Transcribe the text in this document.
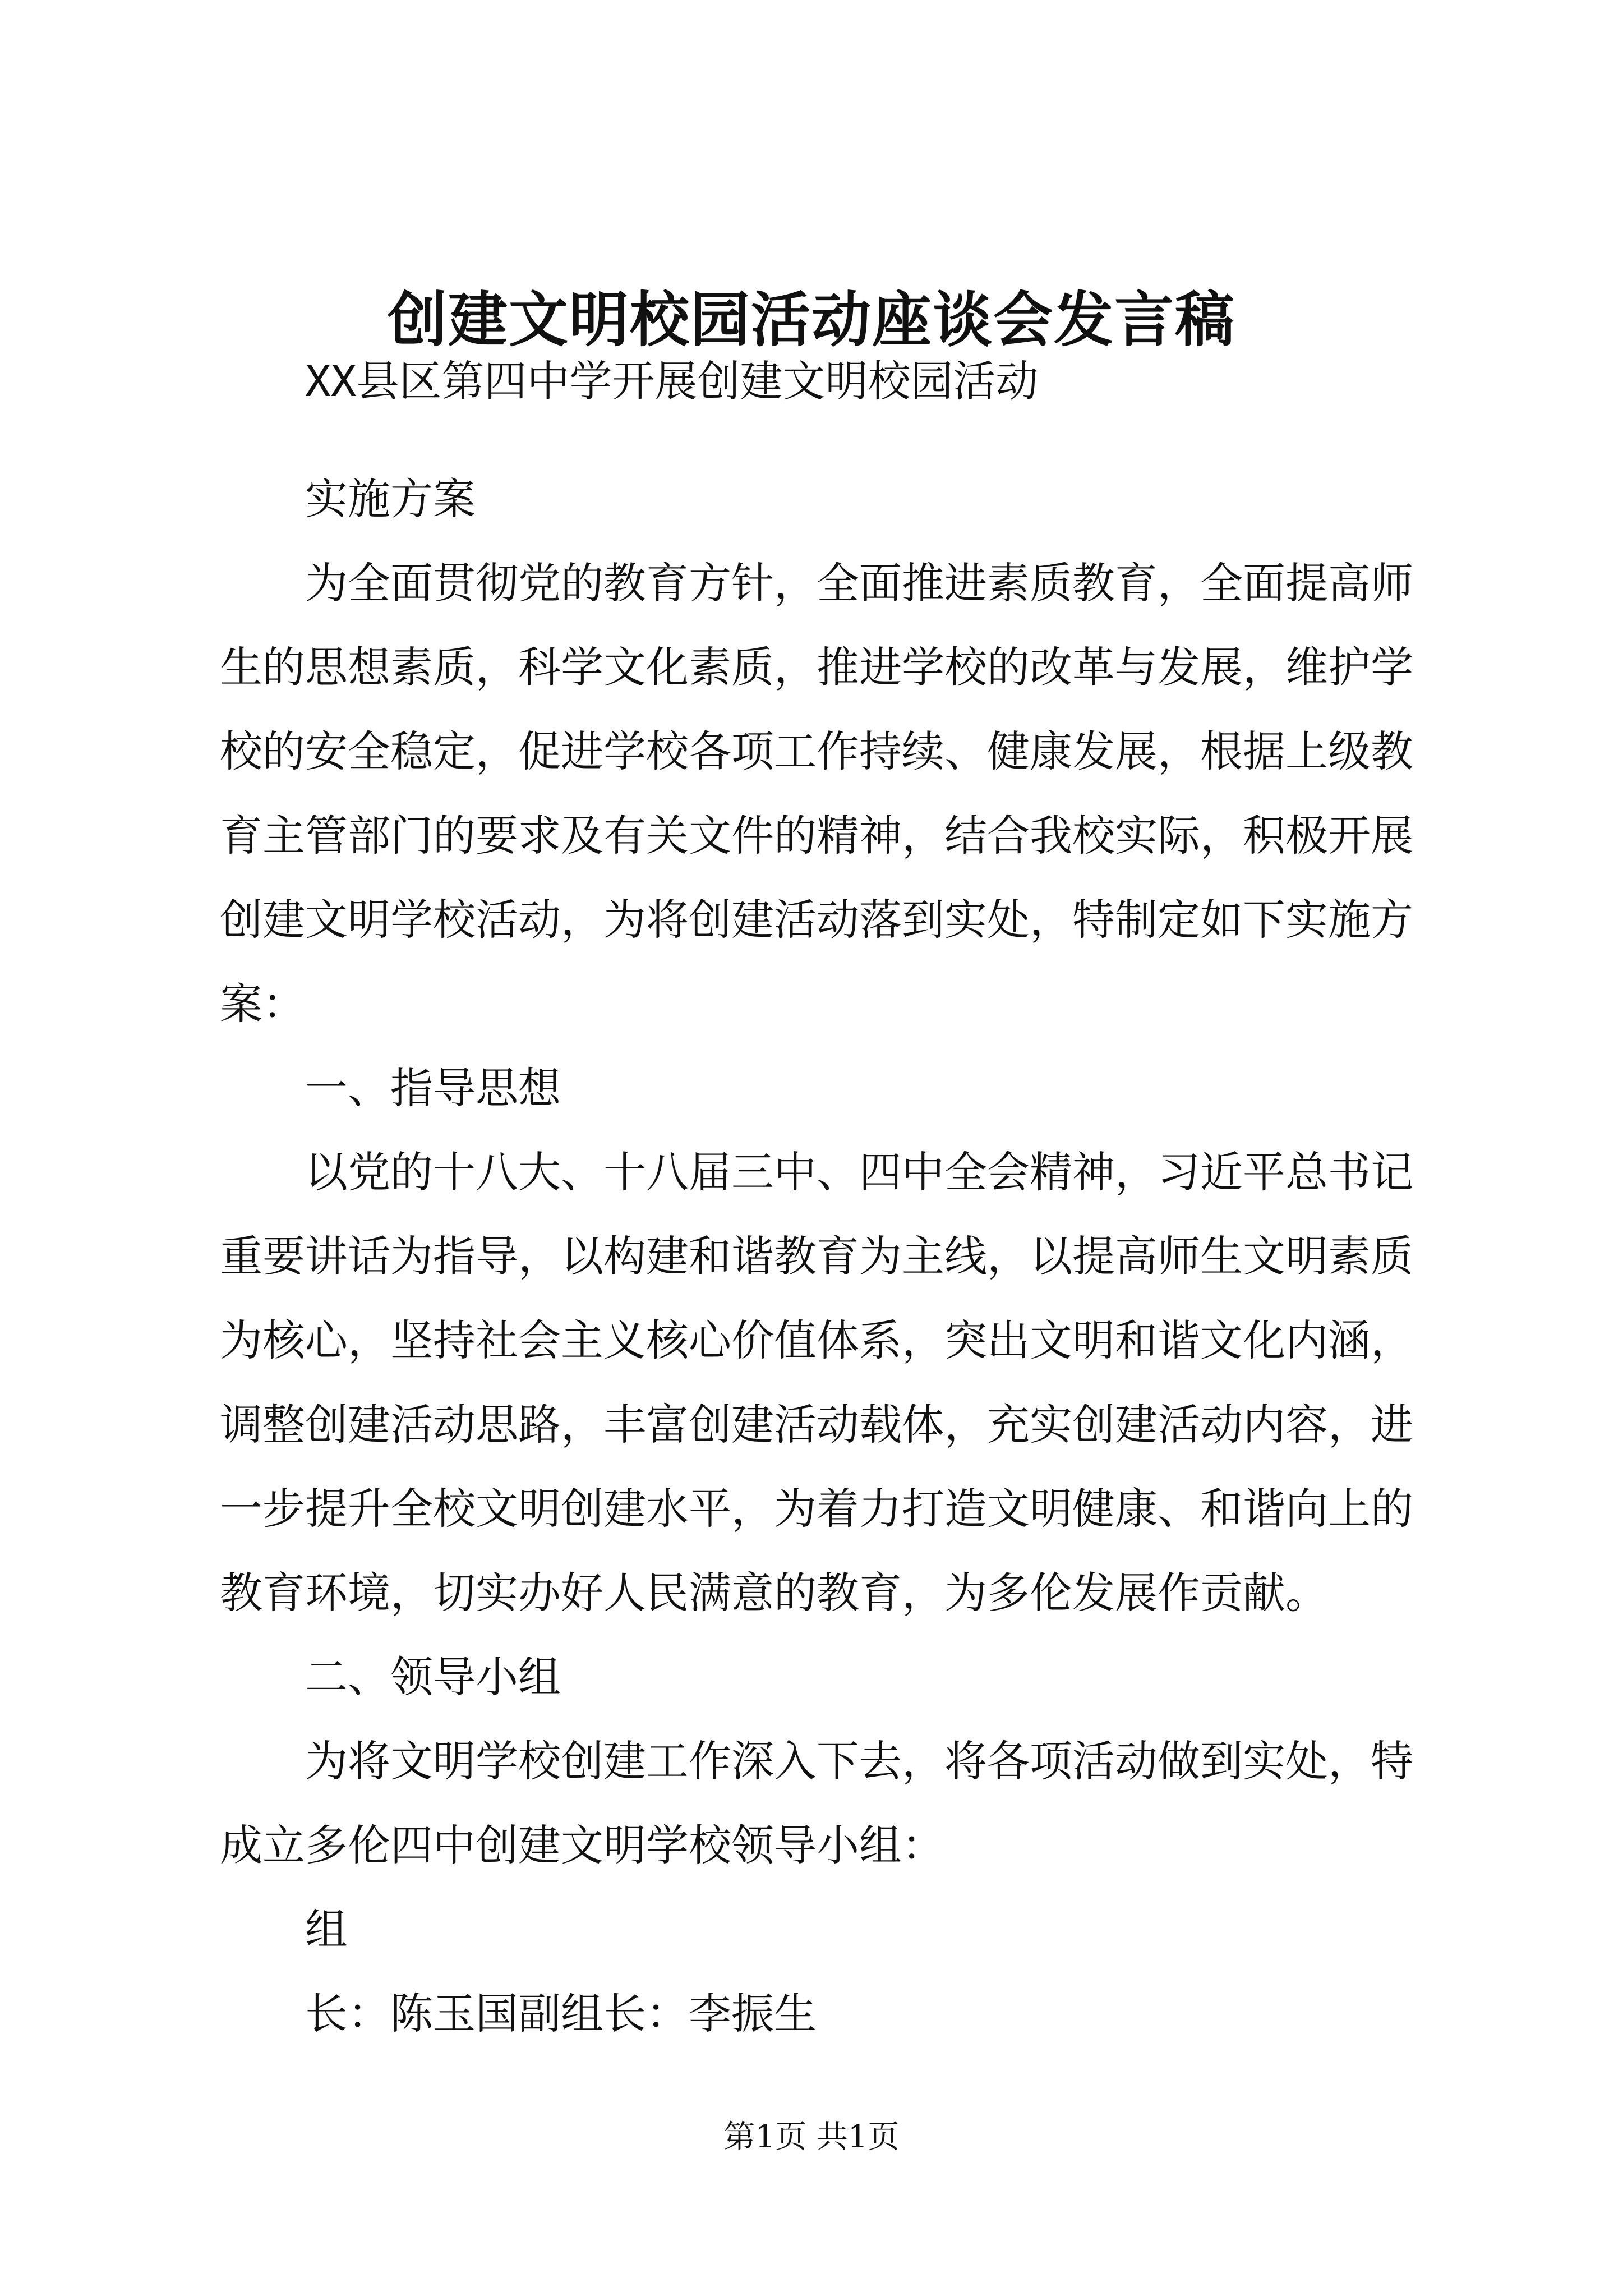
创建文明校园活动座谈会发言稿
XX县区第四中学开展创建文明校园活动
实施方案
为全面贯彻党的教育方针，全面推进素质教育，全面提高师
生的思想素质，科学文化素质，推进学校的改革与发展，维护学
校的安全稳定，促进学校各项工作持续、健康发展，根据上级教
育主管部门的要求及有关文件的精神，结合我校实际，积极开展
创建文明学校活动，为将创建活动落到实处，特制定如下实施方
案：
一、指导思想
以党的十八大、十八届三中、四中全会精神，习近平总书记
重要讲话为指导，以构建和谐教育为主线，以提高师生文明素质
为核心，坚持社会主义核心价值体系，突出文明和谐文化内涵，
调整创建活动思路，丰富创建活动载体，充实创建活动内容，进
一步提升全校文明创建水平，为着力打造文明健康、和谐向上的
教育环境，切实办好人民满意的教育，为多伦发展作贡献。
二、领导小组
为将文明学校创建工作深入下去，将各项活动做到实处，特
成立多伦四中创建文明学校领导小组：
组
长：陈玉国副组长：李振生
第1页 共1页
